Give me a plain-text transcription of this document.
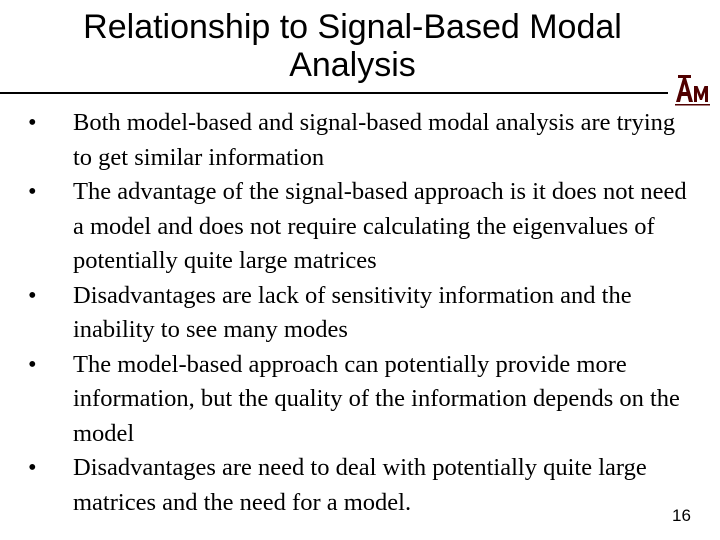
Relationship to Signal-Based Modal
Analysis
• Both model-based and signal-based modal analysis are trying to get similar information
• The advantage of the signal-based approach is it does not need a model and does not require calculating the eigenvalues of potentially quite large matrices
• Disadvantages are lack of sensitivity information and the inability to see many modes
• The model-based approach can potentially provide more information, but the quality of the information depends on the model
• Disadvantages are need to deal with potentially quite large matrices and the need for a model.	16
